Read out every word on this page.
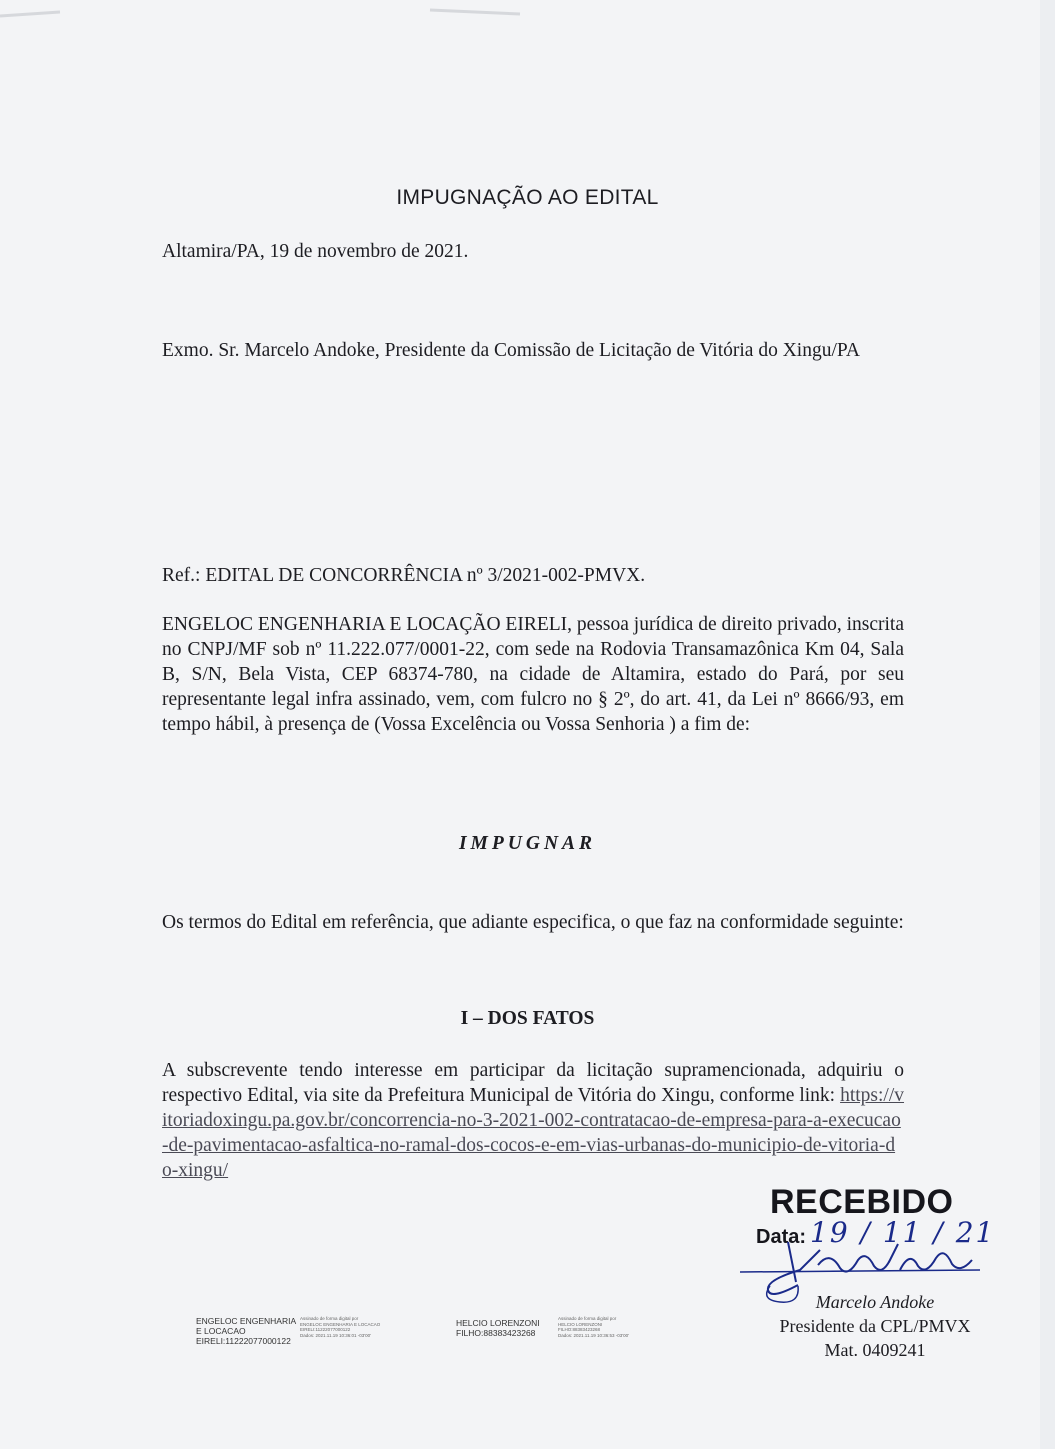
IMPUGNAÇÃO AO EDITAL
Altamira/PA, 19 de novembro de 2021.
Exmo. Sr. Marcelo Andoke, Presidente da Comissão de Licitação de Vitória do Xingu/PA
Ref.: EDITAL DE CONCORRÊNCIA nº 3/2021-002-PMVX.
ENGELOC ENGENHARIA E LOCAÇÃO EIRELI, pessoa jurídica de direito privado, inscrita no CNPJ/MF sob nº 11.222.077/0001-22, com sede na Rodovia Transamazônica Km 04, Sala B, S/N, Bela Vista, CEP 68374-780, na cidade de Altamira, estado do Pará, por seu representante legal infra assinado, vem, com fulcro no § 2º, do art. 41, da Lei nº 8666/93, em tempo hábil, à presença de (Vossa Excelência ou Vossa Senhoria ) a fim de:
IMPUGNAR
Os termos do Edital em referência, que adiante especifica, o que faz na conformidade seguinte:
I – DOS FATOS
A subscrevente tendo interesse em participar da licitação supramencionada, adquiriu o respectivo Edital, via site da Prefeitura Municipal de Vitória do Xingu, conforme link: https://vitoriadoxingu.pa.gov.br/concorrencia-no-3-2021-002-contratacao-de-empresa-para-a-execucao-de-pavimentacao-asfaltica-no-ramal-dos-cocos-e-em-vias-urbanas-do-municipio-de-vitoria-do-xingu/
RECEBIDO
Data: 19 / 11 / 21
Marcelo Andoke
Presidente da CPL/PMVX
Mat. 0409241
ENGELOC ENGENHARIA
E LOCACAO
EIRELI:11222077000122
Assinado de forma digital por
ENGELOC ENGENHARIA E LOCACAO
EIRELI:11222077000122
Dados: 2021.11.19 10:36:01 -03'00'
HELCIO LORENZONI
FILHO:88383423268
Assinado de forma digital por
HELCIO LORENZONI
FILHO:88383423268
Dados: 2021.11.19 10:36:53 -03'00'
